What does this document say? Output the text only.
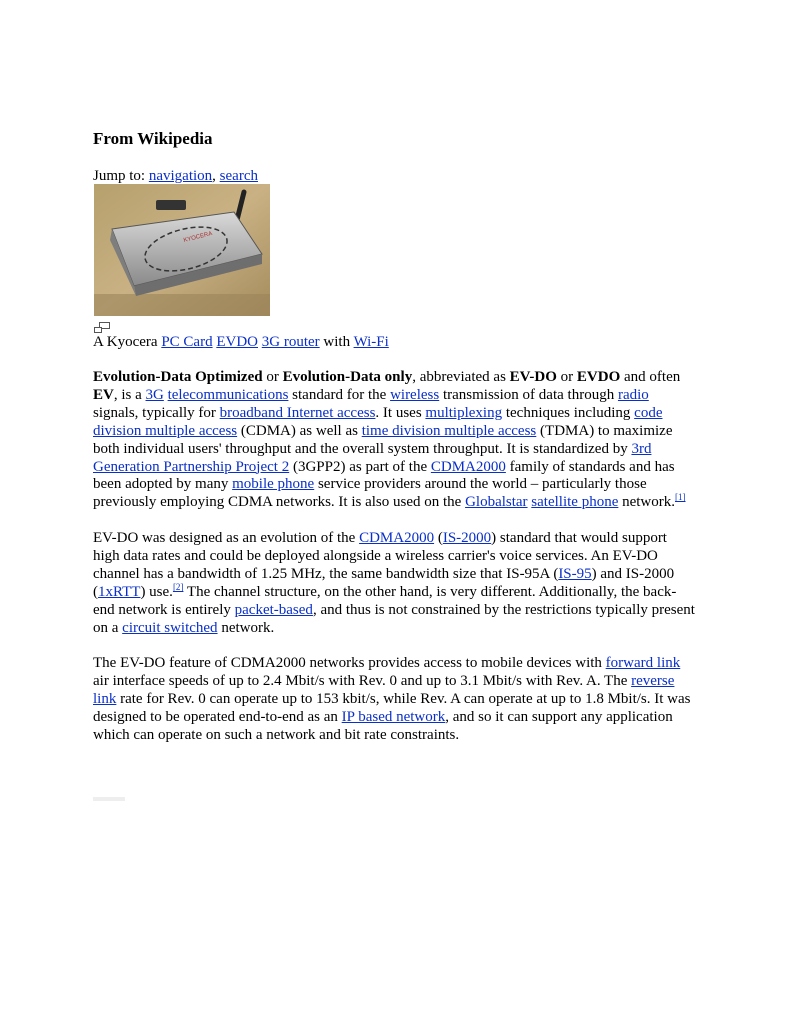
From Wikipedia
Jump to: navigation, search
KYOCERA
A Kyocera PC Card EVDO 3G router with Wi-Fi

Evolution-Data Optimized or Evolution-Data only, abbreviated as EV-DO or EVDO and often EV, is a 3G telecommunications standard for the wireless transmission of data through radio signals, typically for broadband Internet access. It uses multiplexing techniques including code division multiple access (CDMA) as well as time division multiple access (TDMA) to maximize both individual users' throughput and the overall system throughput. It is standardized by 3rd Generation Partnership Project 2 (3GPP2) as part of the CDMA2000 family of standards and has been adopted by many mobile phone service providers around the world – particularly those previously employing CDMA networks. It is also used on the Globalstar satellite phone network.[1]

EV-DO was designed as an evolution of the CDMA2000 (IS-2000) standard that would support high data rates and could be deployed alongside a wireless carrier's voice services. An EV-DO channel has a bandwidth of 1.25 MHz, the same bandwidth size that IS-95A (IS-95) and IS-2000 (1xRTT) use.[2] The channel structure, on the other hand, is very different. Additionally, the back-end network is entirely packet-based, and thus is not constrained by the restrictions typically present on a circuit switched network.

The EV-DO feature of CDMA2000 networks provides access to mobile devices with forward link air interface speeds of up to 2.4 Mbit/s with Rev. 0 and up to 3.1 Mbit/s with Rev. A. The reverse link rate for Rev. 0 can operate up to 153 kbit/s, while Rev. A can operate at up to 1.8 Mbit/s. It was designed to be operated end-to-end as an IP based network, and so it can support any application which can operate on such a network and bit rate constraints.
